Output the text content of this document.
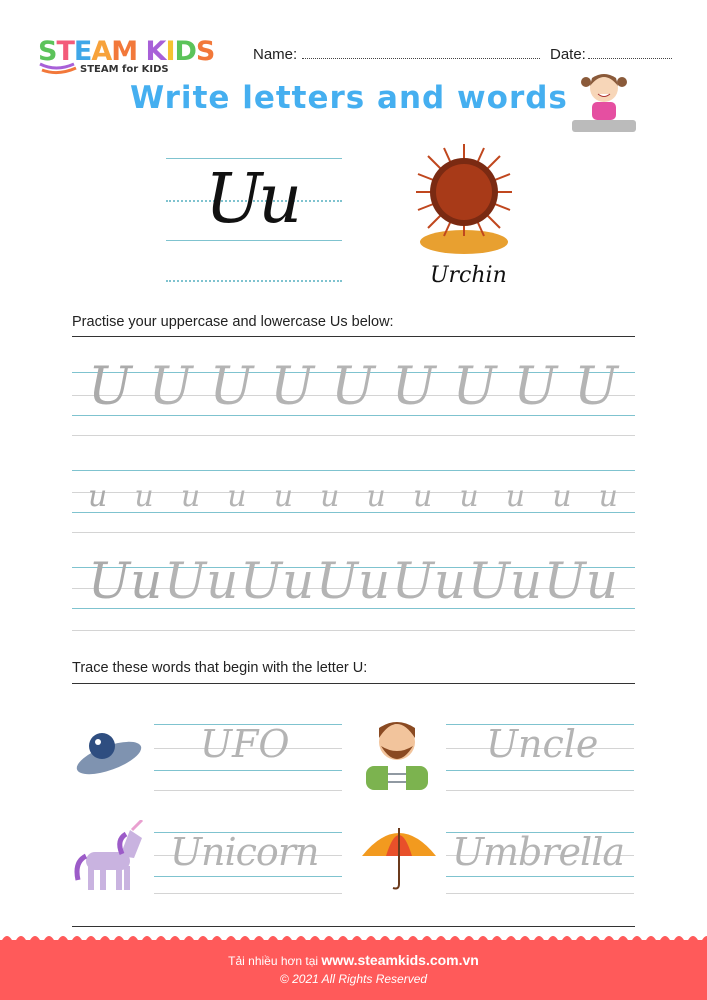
STEAM KIDS
STEAM for KIDS
Name:	Date:
Write letters and words
Uu
Urchin
Practise your uppercase and lowercase Us below:
U U U U U U U U U
u u u u u u u u u u u u
Uu Uu Uu Uu Uu Uu Uu
Trace these words that begin with the letter U:
UFO	Uncle
Unicorn	Umbrella
Tải nhiều hơn tại www.steamkids.com.vn
© 2021 All Rights Reserved
